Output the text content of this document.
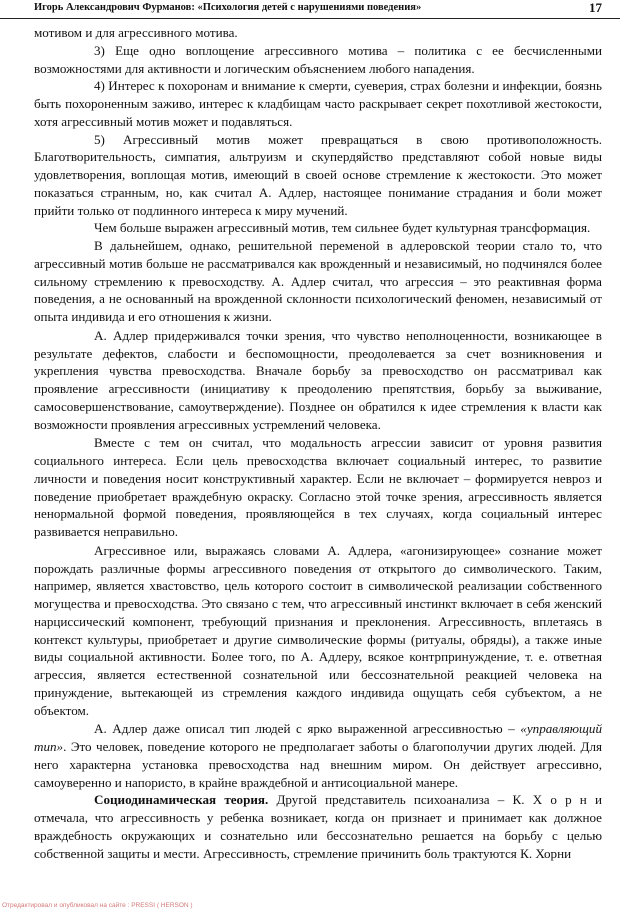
Игорь Александрович Фурманов: «Психология детей с нарушениями поведения»	17

мотивом и для агрессивного мотива.

3) Еще одно воплощение агрессивного мотива – политика с ее бесчисленными возможностями для активности и логическим объяснением любого нападения.

4) Интерес к похоронам и внимание к смерти, суеверия, страх болезни и инфекции, боязнь быть похороненным заживо, интерес к кладбищам часто раскрывает секрет похотливой жестокости, хотя агрессивный мотив может и подавляться.

5) Агрессивный мотив может превращаться в свою противоположность. Благотворительность, симпатия, альтруизм и скупердяйство представляют собой новые виды удовлетворения, воплощая мотив, имеющий в своей основе стремление к жестокости. Это может показаться странным, но, как считал А. Адлер, настоящее понимание страдания и боли может прийти только от подлинного интереса к миру мучений.

Чем больше выражен агрессивный мотив, тем сильнее будет культурная трансформация.

В дальнейшем, однако, решительной переменой в адлеровской теории стало то, что агрессивный мотив больше не рассматривался как врожденный и независимый, но подчинялся более сильному стремлению к превосходству. А. Адлер считал, что агрессия – это реактивная форма поведения, а не основанный на врожденной склонности психологический феномен, независимый от опыта индивида и его отношения к жизни.

А. Адлер придерживался точки зрения, что чувство неполноценности, возникающее в результате дефектов, слабости и беспомощности, преодолевается за счет возникновения и укрепления чувства превосходства. Вначале борьбу за превосходство он рассматривал как проявление агрессивности (инициативу к преодолению препятствия, борьбу за выживание, самосовершенствование, самоутверждение). Позднее он обратился к идее стремления к власти как возможности проявления агрессивных устремлений человека.

Вместе с тем он считал, что модальность агрессии зависит от уровня развития социального интереса. Если цель превосходства включает социальный интерес, то развитие личности и поведения носит конструктивный характер. Если не включает – формируется невроз и поведение приобретает враждебную окраску. Согласно этой точке зрения, агрессивность является ненормальной формой поведения, проявляющейся в тех случаях, когда социальный интерес развивается неправильно.

Агрессивное или, выражаясь словами А. Адлера, «агонизирующее» сознание может порождать различные формы агрессивного поведения от открытого до символического. Таким, например, является хвастовство, цель которого состоит в символической реализации собственного могущества и превосходства. Это связано с тем, что агрессивный инстинкт включает в себя женский нарциссический компонент, требующий признания и преклонения. Агрессивность, вплетаясь в контекст культуры, приобретает и другие символические формы (ритуалы, обряды), а также иные виды социальной активности. Более того, по А. Адлеру, всякое контрпринуждение, т. е. ответная агрессия, является естественной сознательной или бессознательной реакцией человека на принуждение, вытекающей из стремления каждого индивида ощущать себя субъектом, а не объектом.

А. Адлер даже описал тип людей с ярко выраженной агрессивностью – «управляющий тип». Это человек, поведение которого не предполагает заботы о благополучии других людей. Для него характерна установка превосходства над внешним миром. Он действует агрессивно, самоуверенно и напористо, в крайне враждебной и антисоциальной манере.

Социодинамическая теория. Другой представитель психоанализа – К. Х о р н и отмечала, что агрессивность у ребенка возникает, когда он признает и принимает как должное враждебность окружающих и сознательно или бессознательно решается на борьбу с целью собственной защиты и мести. Агрессивность, стремление причинить боль трактуются К. Хорни

Отредактировал и опубликовал на сайте : PRESSI ( HERSON )
